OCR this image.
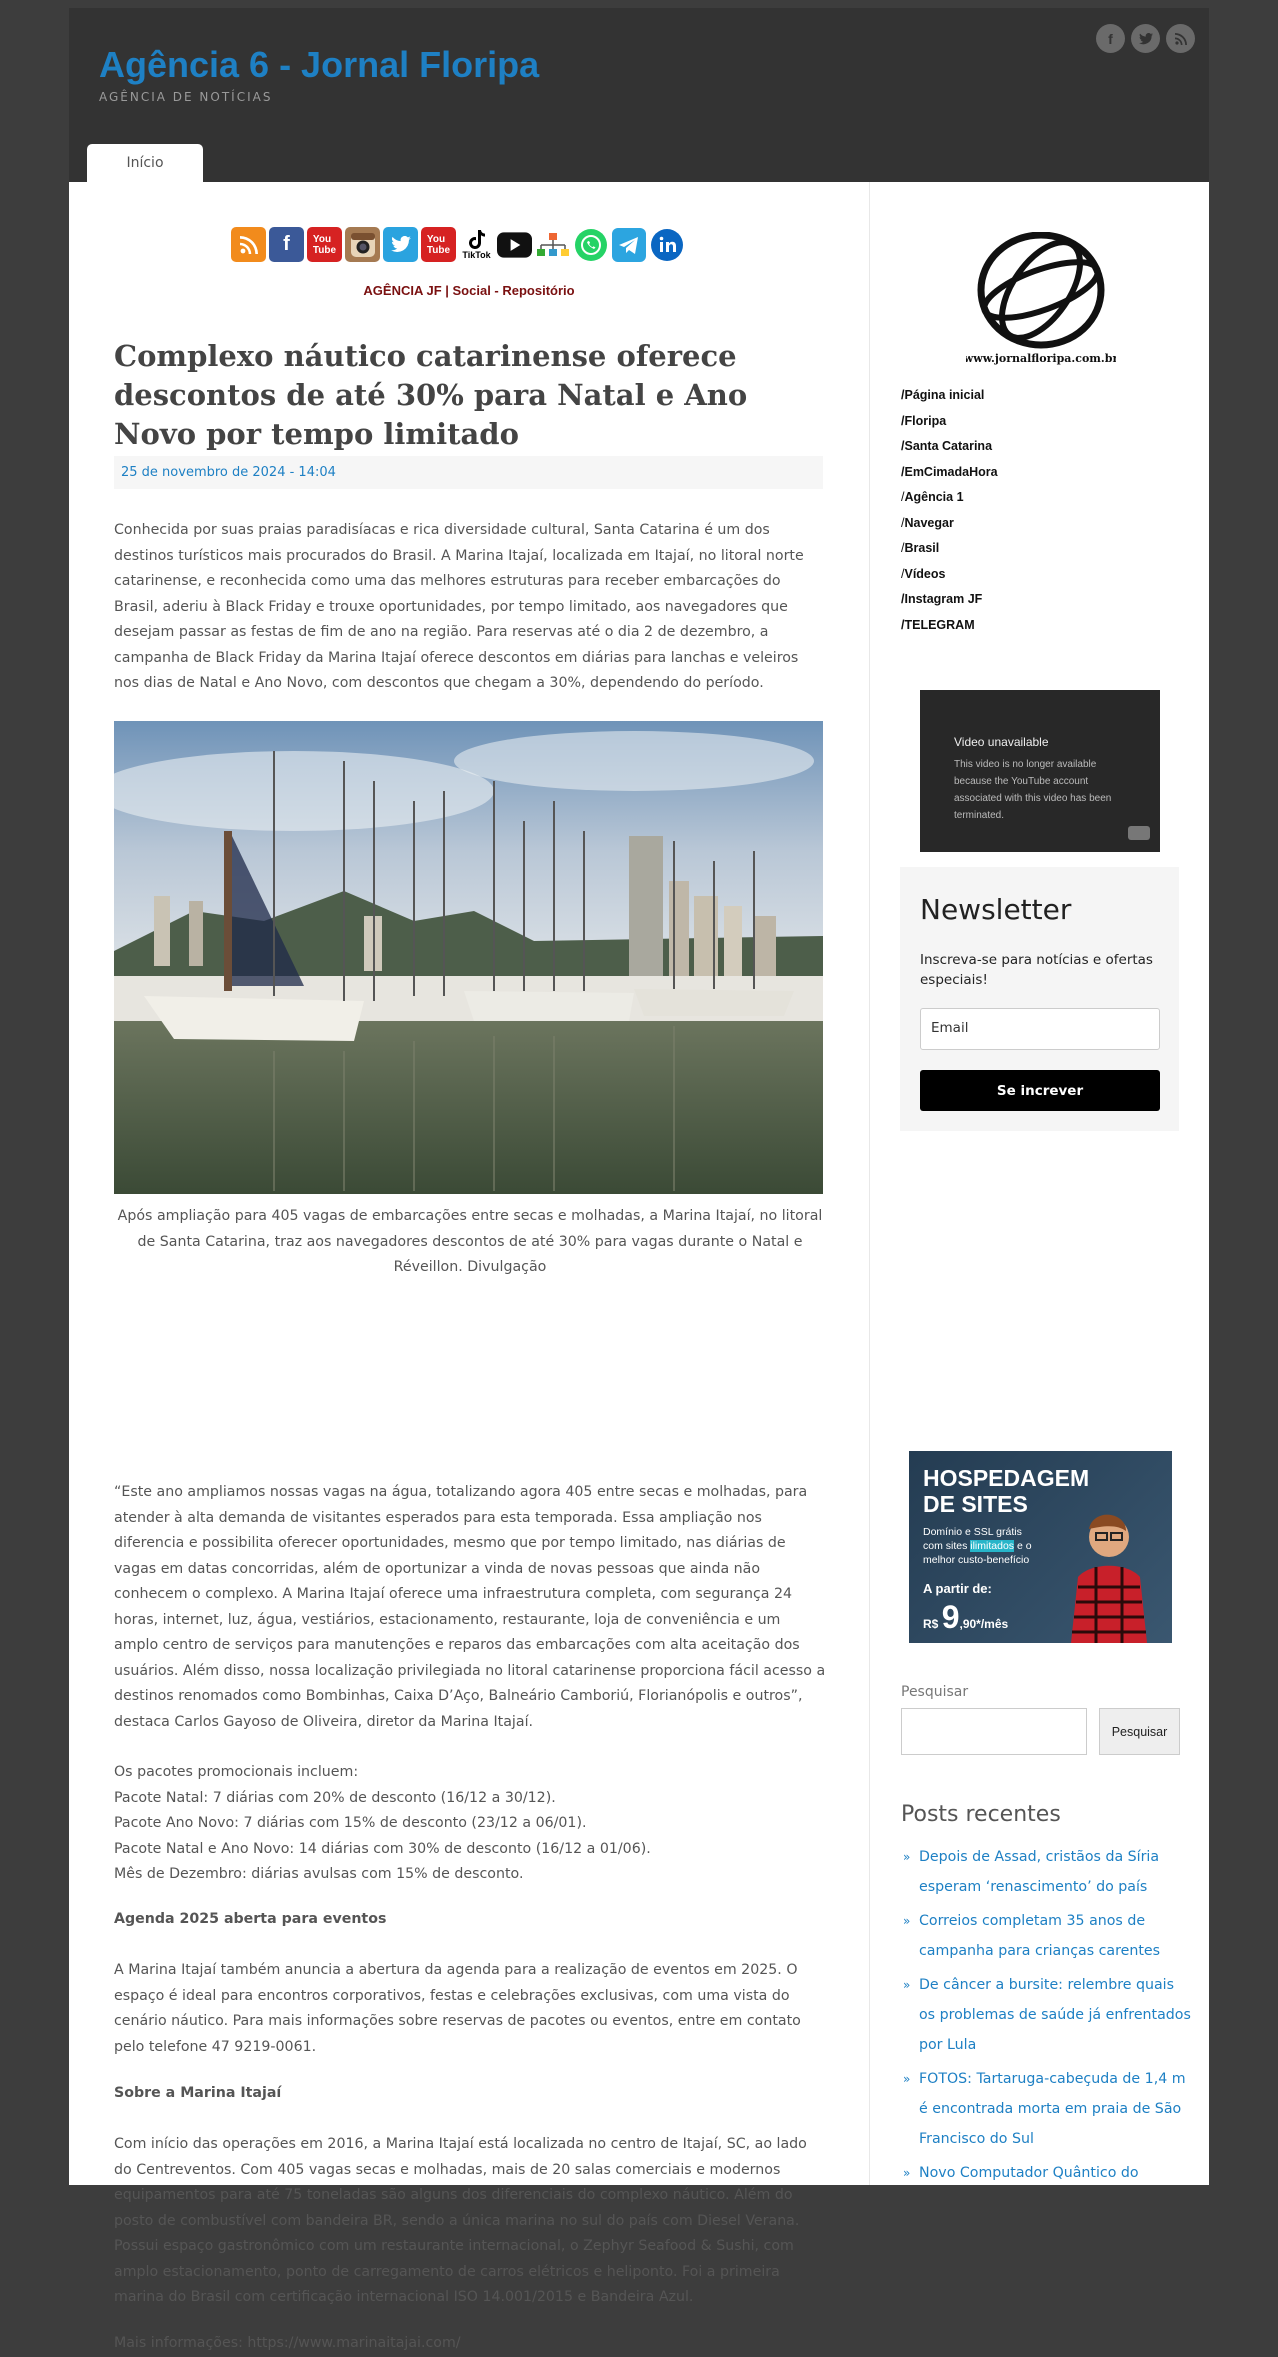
Agência 6 - Jornal Floripa
AGÊNCIA DE NOTÍCIAS
f
Início
f	You
Tube
You
Tube	TikTok
AGÊNCIA JF | Social - Repositório
Complexo náutico catarinense oferece descontos de até 30% para Natal e Ano Novo por tempo limitado
25 de novembro de 2024 - 14:04

Conhecida por suas praias paradisíacas e rica diversidade cultural, Santa Catarina é um dos destinos turísticos mais procurados do Brasil. A Marina Itajaí, localizada em Itajaí, no litoral norte catarinense, e reconhecida como uma das melhores estruturas para receber embarcações do Brasil, aderiu à Black Friday e trouxe oportunidades, por tempo limitado, aos navegadores que desejam passar as festas de fim de ano na região. Para reservas até o dia 2 de dezembro, a campanha de Black Friday da Marina Itajaí oferece descontos em diárias para lanchas e veleiros nos dias de Natal e Ano Novo, com descontos que chegam a 30%, dependendo do período.

Após ampliação para 405 vagas de embarcações entre secas e molhadas, a Marina Itajaí, no litoral de Santa Catarina, traz aos navegadores descontos de até 30% para vagas durante o Natal e Réveillon. Divulgação

“Este ano ampliamos nossas vagas na água, totalizando agora 405 entre secas e molhadas, para atender à alta demanda de visitantes esperados para esta temporada. Essa ampliação nos diferencia e possibilita oferecer oportunidades, mesmo que por tempo limitado, nas diárias de vagas em datas concorridas, além de oportunizar a vinda de novas pessoas que ainda não conhecem o complexo. A Marina Itajaí oferece uma infraestrutura completa, com segurança 24 horas, internet, luz, água, vestiários, estacionamento, restaurante, loja de conveniência e um amplo centro de serviços para manutenções e reparos das embarcações com alta aceitação dos usuários. Além disso, nossa localização privilegiada no litoral catarinense proporciona fácil acesso a destinos renomados como Bombinhas, Caixa D’Aço, Balneário Camboriú, Florianópolis e outros”, destaca Carlos Gayoso de Oliveira, diretor da Marina Itajaí.

Os pacotes promocionais incluem:
Pacote Natal: 7 diárias com 20% de desconto (16/12 a 30/12).
Pacote Ano Novo: 7 diárias com 15% de desconto (23/12 a 06/01).
Pacote Natal e Ano Novo: 14 diárias com 30% de desconto (16/12 a 01/06).
Mês de Dezembro: diárias avulsas com 15% de desconto.
Agenda 2025 aberta para eventos

A Marina Itajaí também anuncia a abertura da agenda para a realização de eventos em 2025. O espaço é ideal para encontros corporativos, festas e celebrações exclusivas, com uma vista do cenário náutico. Para mais informações sobre reservas de pacotes ou eventos, entre em contato pelo telefone 47 9219-0061.

Sobre a Marina Itajaí

Com início das operações em 2016, a Marina Itajaí está localizada no centro de Itajaí, SC, ao lado do Centreventos. Com 405 vagas secas e molhadas, mais de 20 salas comerciais e modernos equipamentos para até 75 toneladas são alguns dos diferenciais do complexo náutico. Além do posto de combustível com bandeira BR, sendo a única marina no sul do país com Diesel Verana. Possui espaço gastronômico com um restaurante internacional, o Zephyr Seafood & Sushi, com amplo estacionamento, ponto de carregamento de carros elétricos e heliponto. Foi a primeira marina do Brasil com certificação internacional ISO 14.001/2015 e Bandeira Azul.

Mais informações: https://www.marinaitajai.com/
www.jornalfloripa.com.br
/Página inicial
/Floripa
/Santa Catarina
/EmCimadaHora
/Agência 1
/Navegar
/Brasil
/Vídeos
/Instagram JF
/TELEGRAM
Video unavailable
This video is no longer available because the YouTube account associated with this video has been terminated.
Newsletter
Inscreva-se para notícias e ofertas especiais!
Email
Se increver
HOSPEDAGEM
DE SITES
Domínio e SSL grátis com sites ilimitados e o melhor custo-benefício
A partir de:
R$ 9,90*/mês
Pesquisar
Pesquisar
Posts recentes
» Depois de Assad, cristãos da Síria esperam ‘renascimento’ do país
» Correios completam 35 anos de campanha para crianças carentes
» De câncer a bursite: relembre quais os problemas de saúde já enfrentados por Lula
» FOTOS: Tartaruga-cabeçuda de 1,4 m é encontrada morta em praia de São Francisco do Sul
» Novo Computador Quântico do
